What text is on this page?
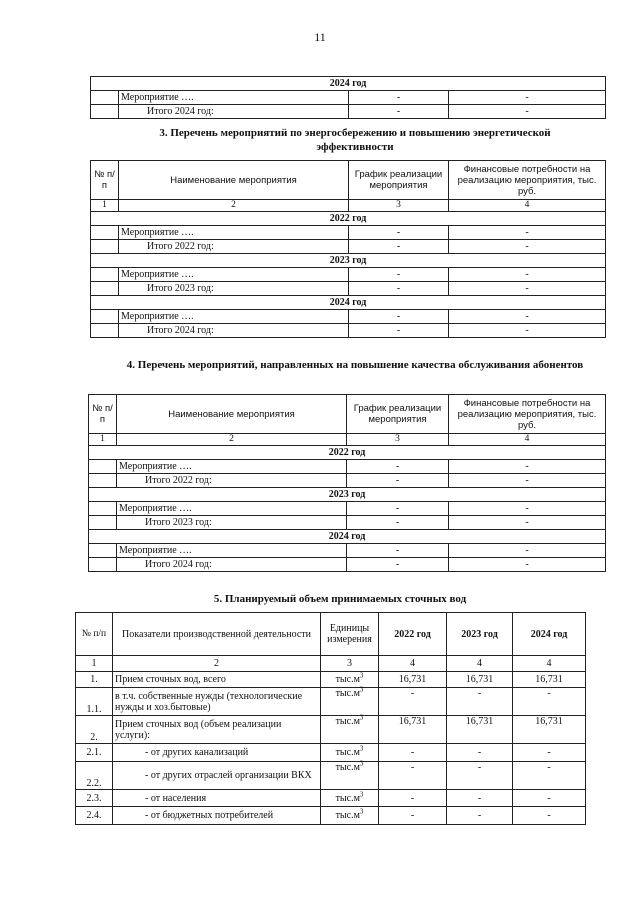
11
2024 год			
	Мероприятие ….	-	-
	Итого 2024 год:	-	-
3. Перечень мероприятий по энергосбережению и повышению энергетической эффективности
№ п/п	Наименование мероприятия	График реализации мероприятия	Финансовые потребности на реализацию мероприятия, тыс. руб.
1	2	3	4
2022 год			
	Мероприятие ….	-	-
	Итого 2022 год:	-	-
2023 год			
	Мероприятие ….	-	-
	Итого 2023 год:	-	-
2024 год			
	Мероприятие ….	-	-
	Итого 2024 год:	-	-
4. Перечень мероприятий, направленных на повышение качества обслуживания абонентов
№ п/п	Наименование мероприятия	График реализации мероприятия	Финансовые потребности на реализацию мероприятия, тыс. руб.
1	2	3	4
2022 год			
	Мероприятие ….	-	-
	Итого 2022 год:	-	-
2023 год			
	Мероприятие ….	-	-
	Итого 2023 год:	-	-
2024 год			
	Мероприятие ….	-	-
	Итого 2024 год:	-	-
5. Планируемый объем принимаемых сточных вод
№ п/п	Показатели производственной деятельности	Единицы измерения	2022 год	2023 год	2024 год
1	2	3	4	4	4
1.	Прием сточных вод, всего	$тыс.м^3$	16,731	16,731	16,731
1.1.	в т.ч. собственные нужды (технологические нужды и хоз.бытовые)	$тыс.м^3$	-	-	-
2.	Прием сточных вод (объем реализации услуги):	$тыс.м^3$	16,731	16,731	16,731
2.1.	- от других канализаций	$тыс.м^3$	-	-	-
2.2.	- от других отраслей организации ВКХ	$тыс.м^3$	-	-	-
2.3.	- от населения	$тыс.м^3$	-	-	-
2.4.	- от бюджетных потребителей	$тыс.м^3$	-	-	-
